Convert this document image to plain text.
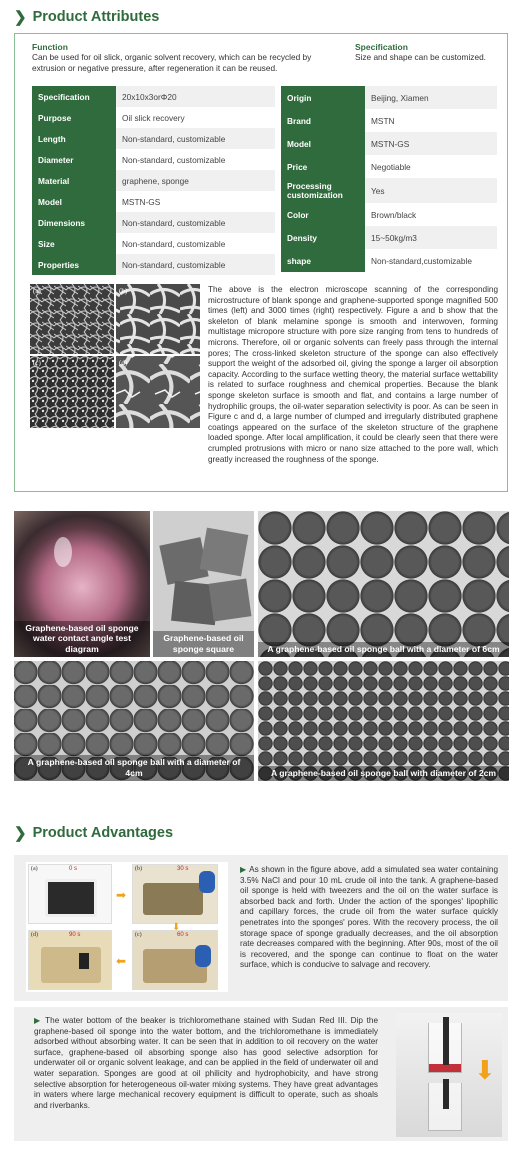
❯ Product Attributes
Function
Can be used for oil slick, organic solvent recovery, which can be recycled by extrusion or negative pressure, after regeneration it can be reused.
Specification
Size and shape can be customized.
Specification	20x10x3orΦ20
Purpose	Oil slick recovery
Length	Non-standard, customizable
Diameter	Non-standard, customizable
Material	graphene, sponge
Model	MSTN-GS
Dimensions	Non-standard, customizable
Size	Non-standard, customizable
Properties	Non-standard, customizable
Origin	Beijing, Xiamen
Brand	MSTN
Model	MSTN-GS
Price	Negotiable
Processing customization	Yes
Color	Brown/black
Density	15~50kg/m3
shape	Non-standard,customizable
(a)	(b)
(c)	(d)
The above is the electron microscope scanning of the corresponding microstructure of blank sponge and graphene-supported sponge magnified 500 times (left) and 3000 times (right) respectively. Figure a and b show that the skeleton of blank melamine sponge is smooth and interwoven, forming multistage micropore structure with pore size ranging from tens to hundreds of microns. Therefore, oil or organic solvents can freely pass through the internal pores; The cross-linked skeleton structure of the sponge can also effectively support the weight of the adsorbed oil, giving the sponge a larger oil absorption capacity. According to the surface wetting theory, the material surface wettability is related to surface roughness and chemical properties. Because the blank sponge skeleton surface is smooth and flat, and contains a large number of hydrophilic groups, the oil-water separation selectivity is poor. As can be seen in Figure c and d, a large number of clumped and irregularly distributed graphene coatings appeared on the surface of the skeleton structure of the graphene loaded sponge. After local amplification, it could be clearly seen that there were crumpled protrusions with micro or nano size attached to the pore wall, which greatly increased the roughness of the sponge.
Graphene-based oil sponge water contact angle test diagram
Graphene-based oil sponge square	A graphene-based oil sponge ball with a diameter of 6cm
A graphene-based oil sponge ball with a diameter of 4cm	A graphene-based oil sponge ball with diameter of 2cm
❯ Product Advantages
(a)	0 s	(b)	30 s
(c)	60 s
(d)	90 s
➡
⬇
⬅
▶ As shown in the figure above, add a simulated sea water containing 3.5% NaCl and pour 10 mL crude oil into the tank. A graphene-based oil sponge is held with tweezers and the oil on the water surface is absorbed back and forth. Under the action of the sponges' lipophilic and capillary forces, the crude oil from the water surface quickly penetrates into the sponges' pores. With the recovery process, the oil storage space of sponge gradually decreases, and the oil absorption rate decreases compared with the beginning. After 90s, most of the oil is recovered, and the sponge can continue to float on the water surface, which is conducive to salvage and recovery.
▶ The water bottom of the beaker is trichloromethane stained with Sudan Red III. Dip the graphene-based oil sponge into the water bottom, and the trichloromethane is immediately adsorbed without absorbing water. It can be seen that in addition to oil recovery on the water surface, graphene-based oil absorbing sponge also has good selective adsorption for underwater oil or organic solvent leakage, and can be applied in the field of underwater oil and water separation. Sponges are good at oil philicity and hydrophobicity, and have strong selective absorption for heterogeneous oil-water mixing systems. They have great advantages in waters where large mechanical recovery equipment is difficult to operate, such as shoals and riverbanks.
⬇
